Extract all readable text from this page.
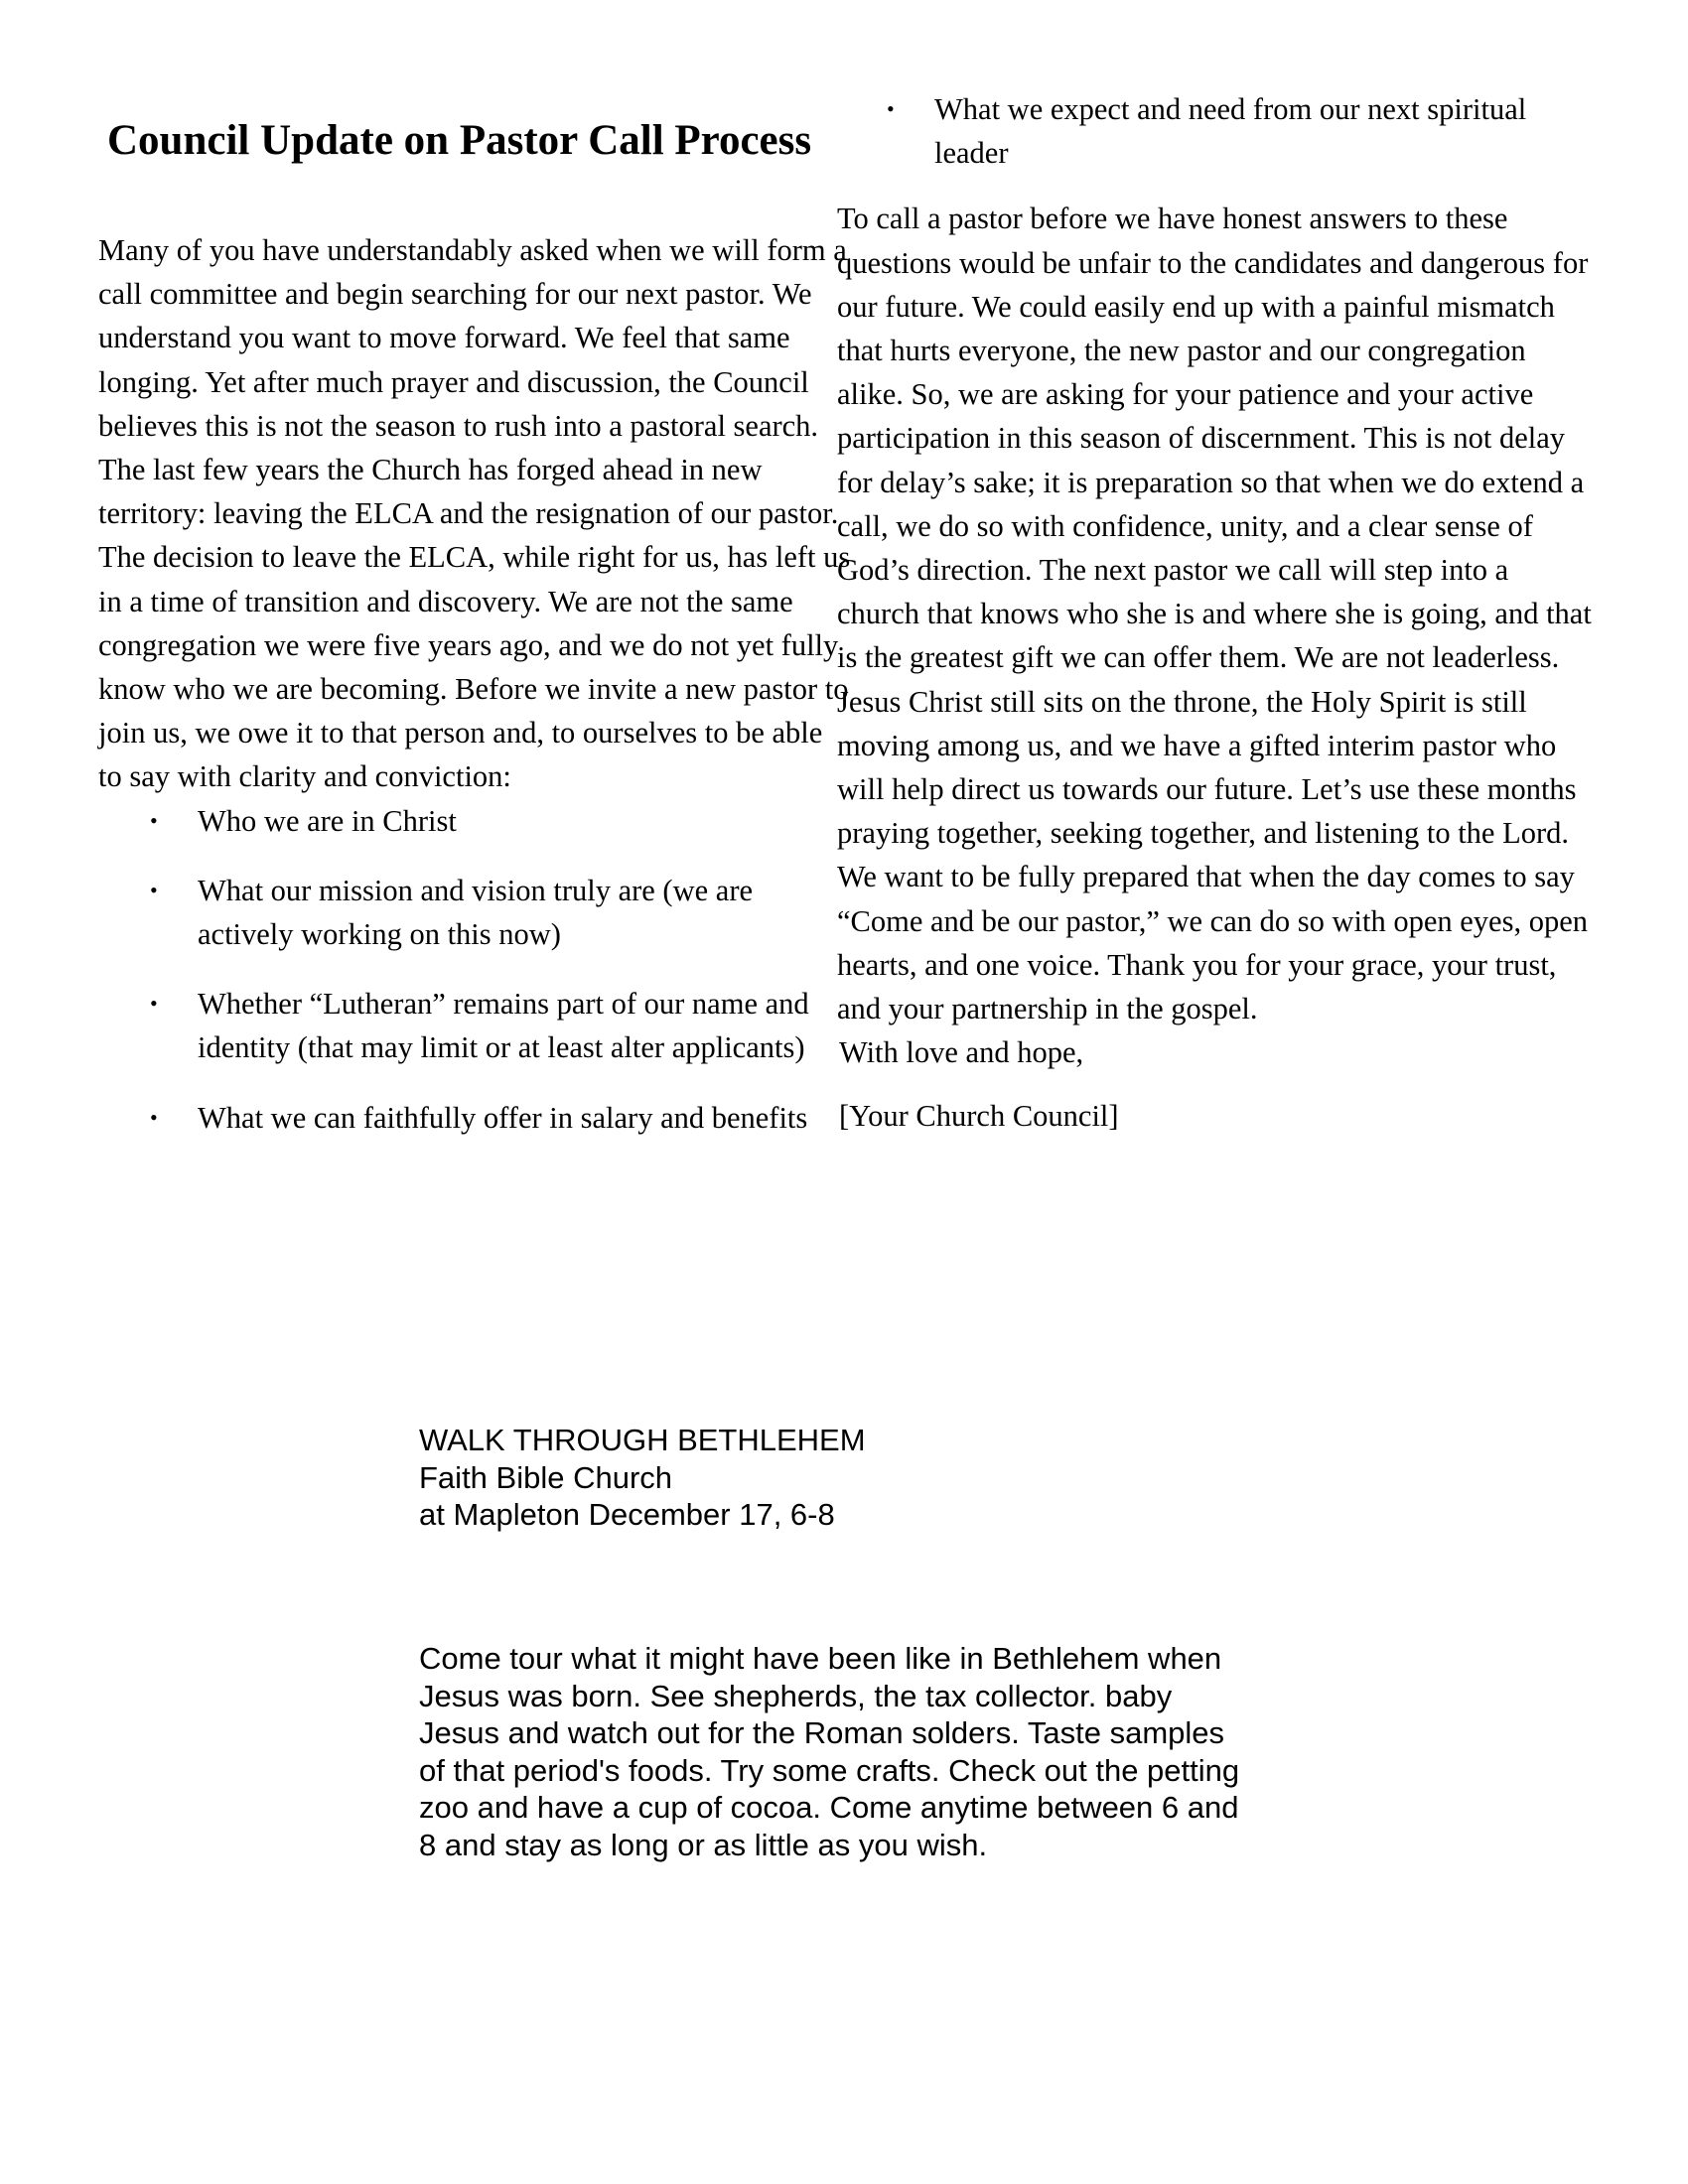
Council Update on Pastor Call Process

Many of you have understandably asked when we will form a call committee and begin searching for our next pastor. We understand you want to move forward. We feel that same longing. Yet after much prayer and discussion, the Council believes this is not the season to rush into a pastoral search. The last few years the Church has forged ahead in new territory: leaving the ELCA and the resignation of our pastor. The decision to leave the ELCA, while right for us, has left us in a time of transition and discovery. We are not the same congregation we were five years ago, and we do not yet fully know who we are becoming. Before we invite a new pastor to join us, we owe it to that person and, to ourselves to be able to say with clarity and conviction:

• Who we are in Christ
• What our mission and vision truly are (we are actively working on this now)
• Whether “Lutheran” remains part of our name and identity (that may limit or at least alter applicants)
• What we can faithfully offer in salary and benefits
• What we expect and need from our next spiritual leader

To call a pastor before we have honest answers to these questions would be unfair to the candidates and dangerous for our future. We could easily end up with a painful mismatch that hurts everyone, the new pastor and our congregation alike. So, we are asking for your patience and your active participation in this season of discernment. This is not delay for delay’s sake; it is preparation so that when we do extend a call, we do so with confidence, unity, and a clear sense of God’s direction. The next pastor we call will step into a church that knows who she is and where she is going, and that is the greatest gift we can offer them. We are not leaderless. Jesus Christ still sits on the throne, the Holy Spirit is still moving among us, and we have a gifted interim pastor who will help direct us towards our future. Let’s use these months praying together, seeking together, and listening to the Lord. We want to be fully prepared that when the day comes to say “Come and be our pastor,” we can do so with open eyes, open hearts, and one voice. Thank you for your grace, your trust, and your partnership in the gospel.

With love and hope,

[Your Church Council]

WALK THROUGH BETHLEHEM

Faith Bible Church

at Mapleton December 17, 6-8

Come tour what it might have been like in Bethlehem when Jesus was born. See shepherds, the tax collector. baby Jesus and watch out for the Roman solders. Taste samples of that period's foods. Try some crafts. Check out the petting zoo and have a cup of cocoa. Come anytime between 6 and 8 and stay as long or as little as you wish.
